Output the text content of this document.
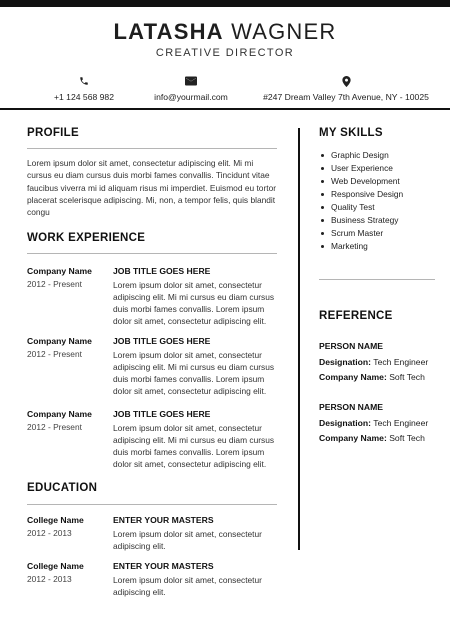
LATASHA WAGNER
CREATIVE DIRECTOR
+1 124 568 982	info@yourmail.com	#247 Dream Valley 7th Avenue, NY - 10025
PROFILE
Lorem ipsum dolor sit amet, consectetur adipiscing elit. Mi mi cursus eu diam cursus duis morbi fames convallis. Tincidunt vitae faucibus viverra mi id aliquam risus mi imperdiet. Euismod eu tortor placerat scelerisque adipiscing. Mi, non, a tempor felis, quis blandit congu
WORK EXPERIENCE
Company Name
2012 - Present
JOB TITLE GOES HERE
Lorem ipsum dolor sit amet, consectetur adipiscing elit. Mi mi cursus eu diam cursus duis morbi fames convallis. Lorem ipsum dolor sit amet, consectetur adipiscing elit.
Company Name
2012 - Present
JOB TITLE GOES HERE
Lorem ipsum dolor sit amet, consectetur adipiscing elit. Mi mi cursus eu diam cursus duis morbi fames convallis. Lorem ipsum dolor sit amet, consectetur adipiscing elit.
Company Name
2012 - Present
JOB TITLE GOES HERE
Lorem ipsum dolor sit amet, consectetur adipiscing elit. Mi mi cursus eu diam cursus duis morbi fames convallis. Lorem ipsum dolor sit amet, consectetur adipiscing elit.
EDUCATION
College Name
2012 - 2013
ENTER YOUR MASTERS
Lorem ipsum dolor sit amet, consectetur adipiscing elit.
College Name
2012 - 2013
ENTER YOUR MASTERS
Lorem ipsum dolor sit amet, consectetur adipiscing elit.
MY SKILLS
Graphic Design
User Experience
Web Development
Responsive Design
Quality Test
Business Strategy
Scrum Master
Marketing
REFERENCE
PERSON NAME
Designation: Tech Engineer
Company Name: Soft Tech
PERSON NAME
Designation: Tech Engineer
Company Name: Soft Tech
